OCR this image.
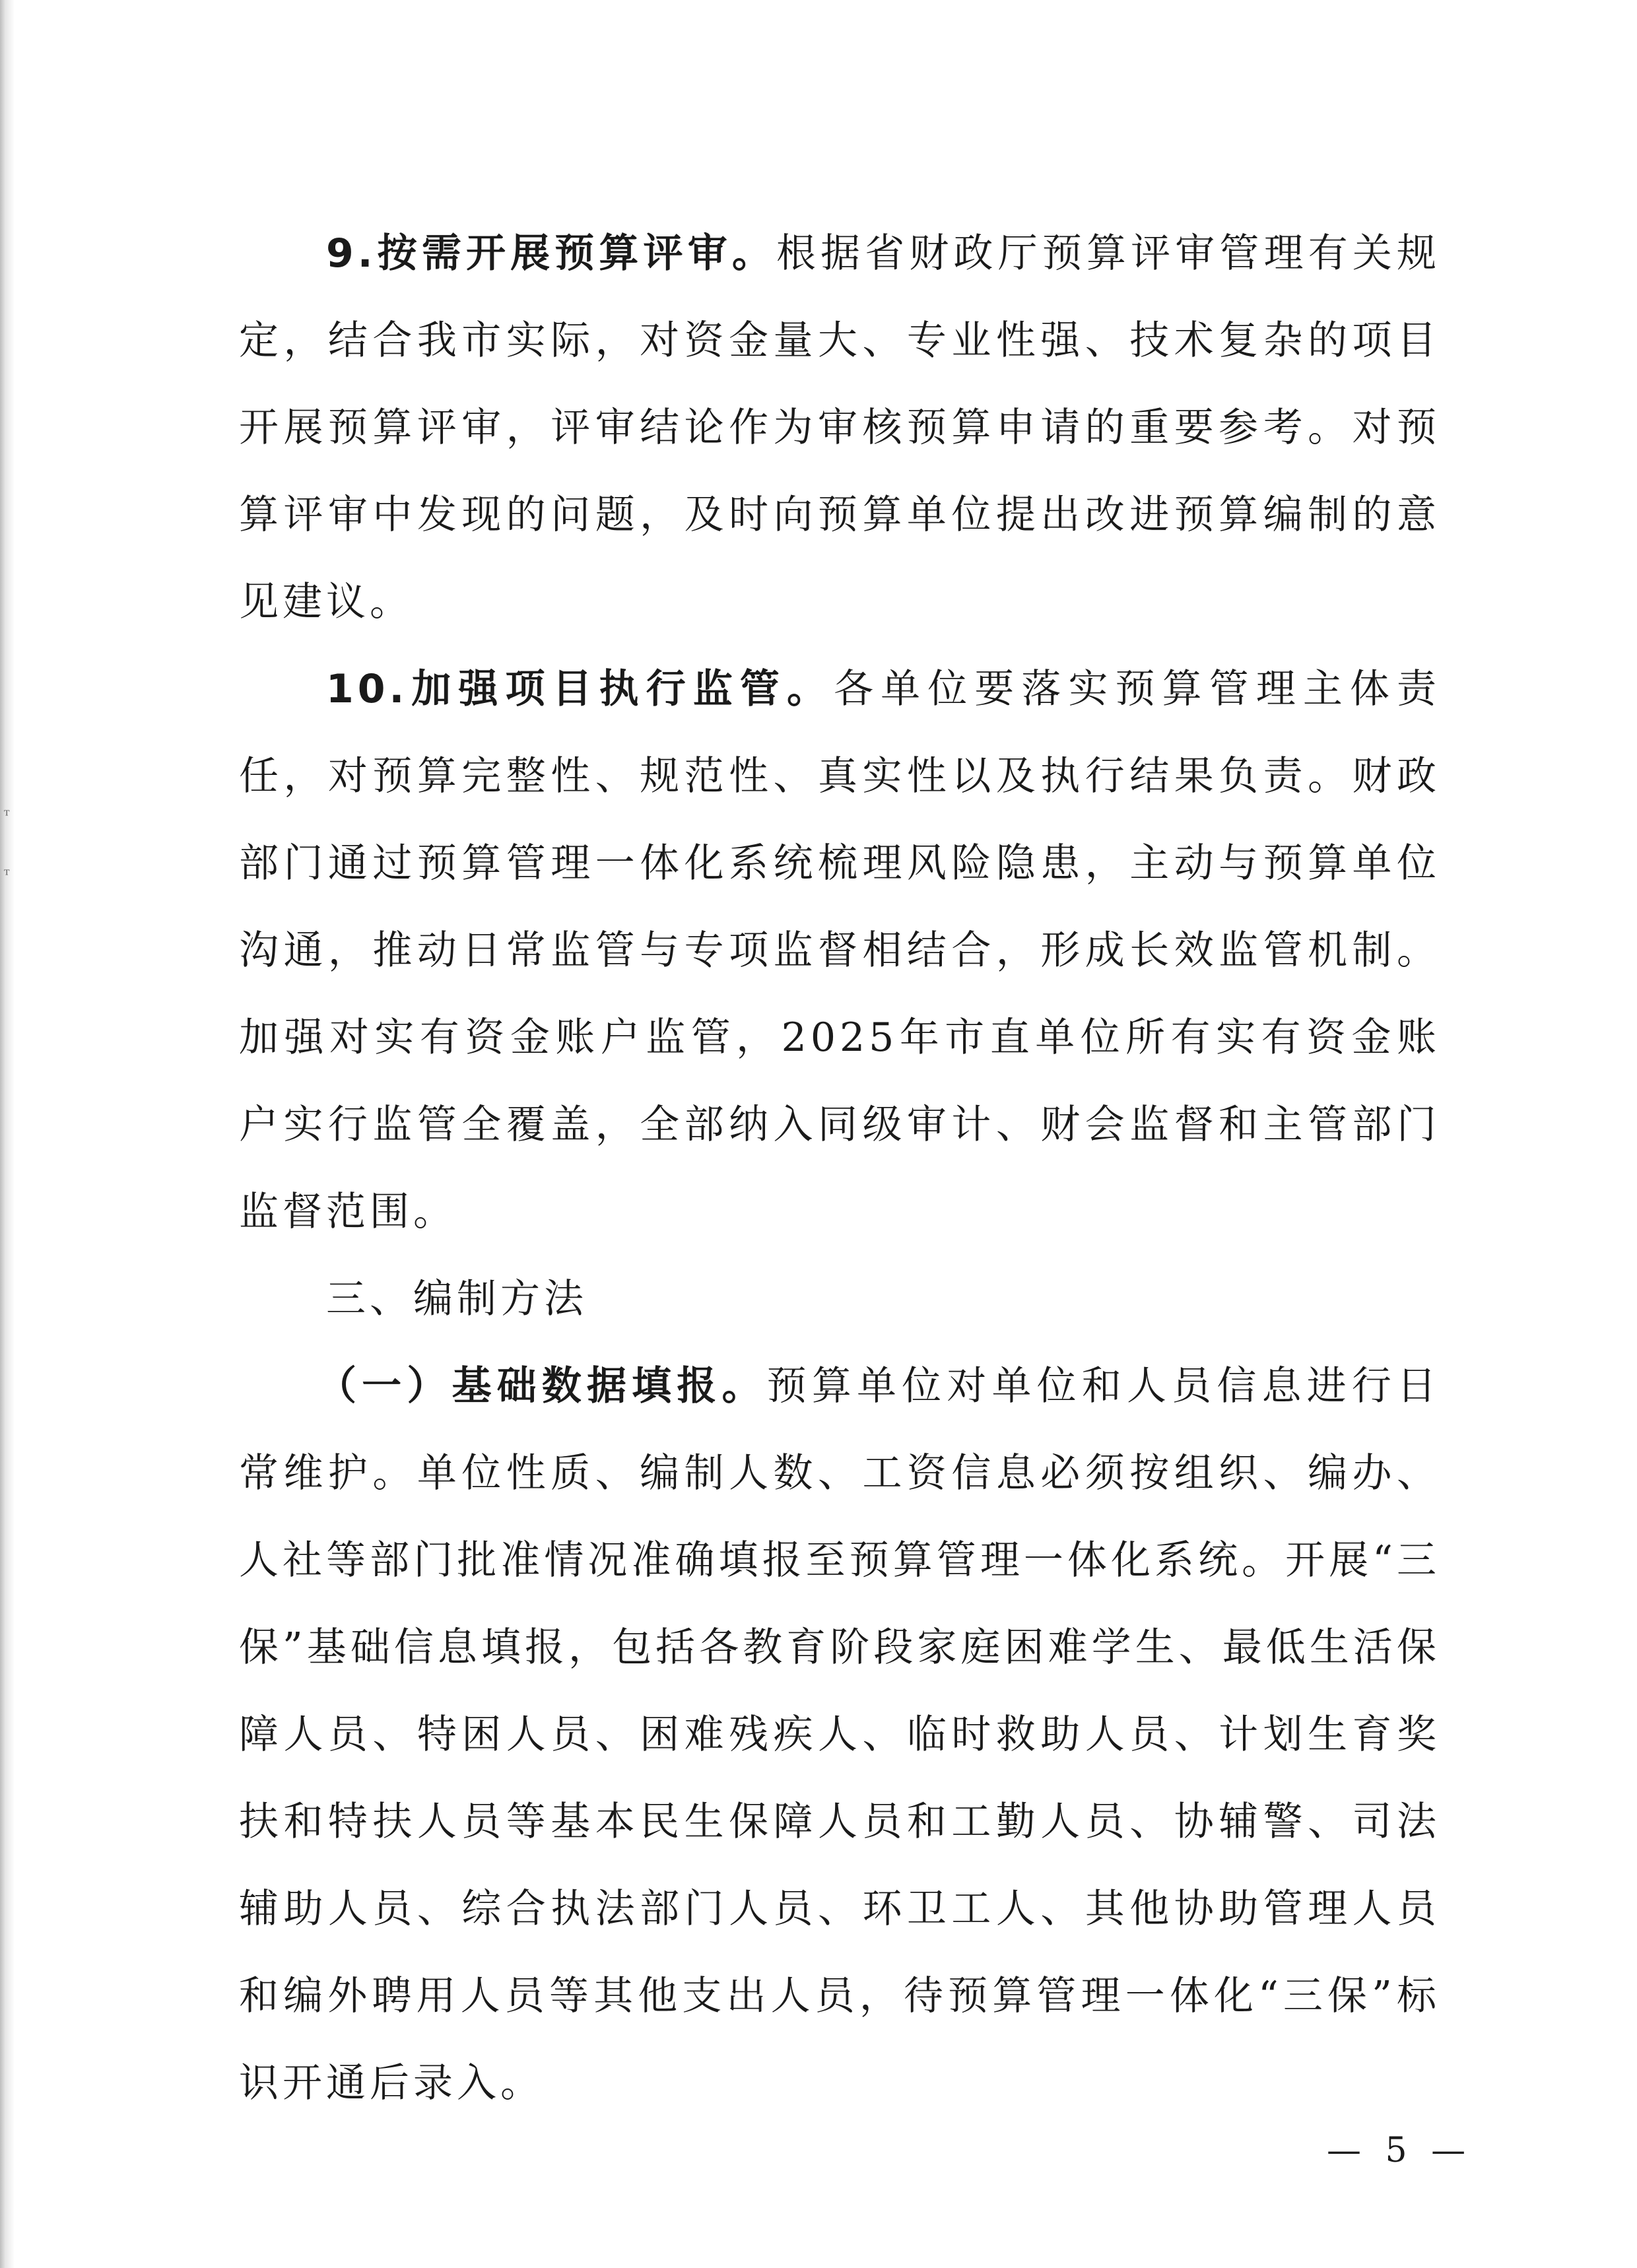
ᵀ
ᵀ

9.按需开展预算评审。根据省财政厅预算评审管理有关规定，结合我市实际，对资金量大、专业性强、技术复杂的项目开展预算评审，评审结论作为审核预算申请的重要参考。对预算评审中发现的问题，及时向预算单位提出改进预算编制的意见建议。

10.加强项目执行监管。各单位要落实预算管理主体责任，对预算完整性、规范性、真实性以及执行结果负责。财政部门通过预算管理一体化系统梳理风险隐患，主动与预算单位沟通，推动日常监管与专项监督相结合，形成长效监管机制。加强对实有资金账户监管，2025年市直单位所有实有资金账户实行监管全覆盖，全部纳入同级审计、财会监督和主管部门监督范围。

三、编制方法

（一）基础数据填报。预算单位对单位和人员信息进行日常维护。单位性质、编制人数、工资信息必须按组织、编办、人社等部门批准情况准确填报至预算管理一体化系统。开展“三保”基础信息填报，包括各教育阶段家庭困难学生、最低生活保障人员、特困人员、困难残疾人、临时救助人员、计划生育奖扶和特扶人员等基本民生保障人员和工勤人员、协辅警、司法辅助人员、综合执法部门人员、环卫工人、其他协助管理人员和编外聘用人员等其他支出人员，待预算管理一体化“三保”标识开通后录入。

— 5 —
